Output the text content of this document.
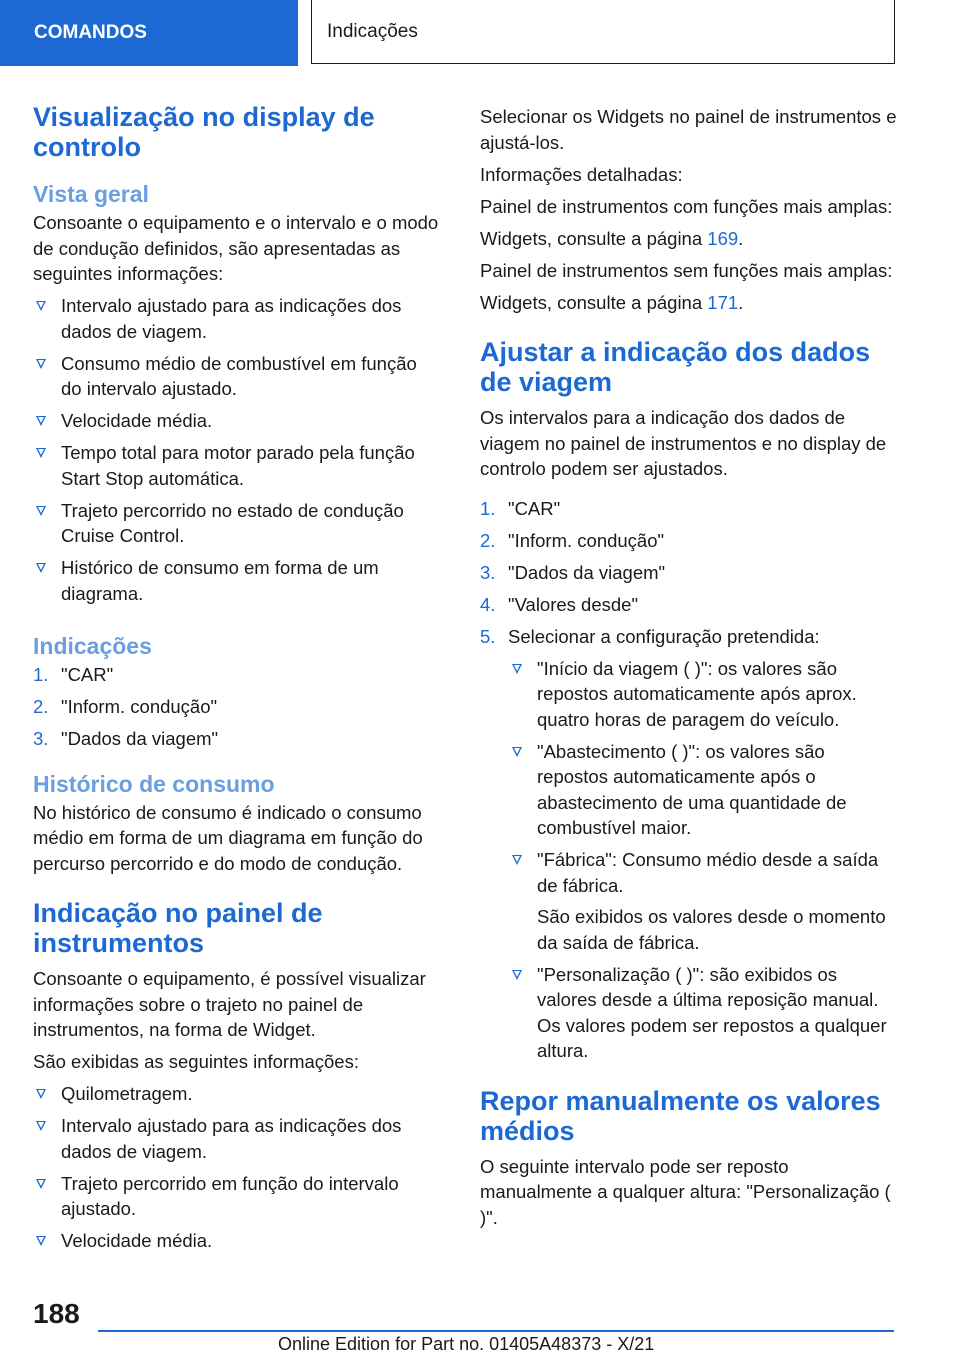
COMANDOS	Indicações
Visualização no display de controlo
Vista geral
Consoante o equipamento e o intervalo e o modo de condução definidos, são apresentadas as seguintes informações:
Intervalo ajustado para as indicações dos dados de viagem.
Consumo médio de combustível em função do intervalo ajustado.
Velocidade média.
Tempo total para motor parado pela função Start Stop automática.
Trajeto percorrido no estado de condução Cruise Control.
Histórico de consumo em forma de um diagrama.
Indicações
1. "CAR"
2. "Inform. condução"
3. "Dados da viagem"
Histórico de consumo
No histórico de consumo é indicado o consumo médio em forma de um diagrama em função do percurso percorrido e do modo de condução.
Indicação no painel de instrumentos
Consoante o equipamento, é possível visualizar informações sobre o trajeto no painel de instrumentos, na forma de Widget.
São exibidas as seguintes informações:
Quilometragem.
Intervalo ajustado para as indicações dos dados de viagem.
Trajeto percorrido em função do intervalo ajustado.
Velocidade média.
Selecionar os Widgets no painel de instrumentos e ajustá-los.
Informações detalhadas:
Painel de instrumentos com funções mais amplas:
Widgets, consulte a página 169.
Painel de instrumentos sem funções mais amplas:
Widgets, consulte a página 171.
Ajustar a indicação dos dados de viagem
Os intervalos para a indicação dos dados de viagem no painel de instrumentos e no display de controlo podem ser ajustados.
1. "CAR"
2. "Inform. condução"
3. "Dados da viagem"
4. "Valores desde"
5. Selecionar a configuração pretendida:
"Início da viagem ( )": os valores são repostos automaticamente após aprox. quatro horas de paragem do veículo.
"Abastecimento ( )": os valores são repostos automaticamente após o abastecimento de uma quantidade de combustível maior.
"Fábrica": Consumo médio desde a saída de fábrica.
São exibidos os valores desde o momento da saída de fábrica.
"Personalização ( )": são exibidos os valores desde a última reposição manual. Os valores podem ser repostos a qualquer altura.
Repor manualmente os valores médios
O seguinte intervalo pode ser reposto manualmente a qualquer altura: "Personalização ( )".
188
Online Edition for Part no. 01405A48373 - X/21
